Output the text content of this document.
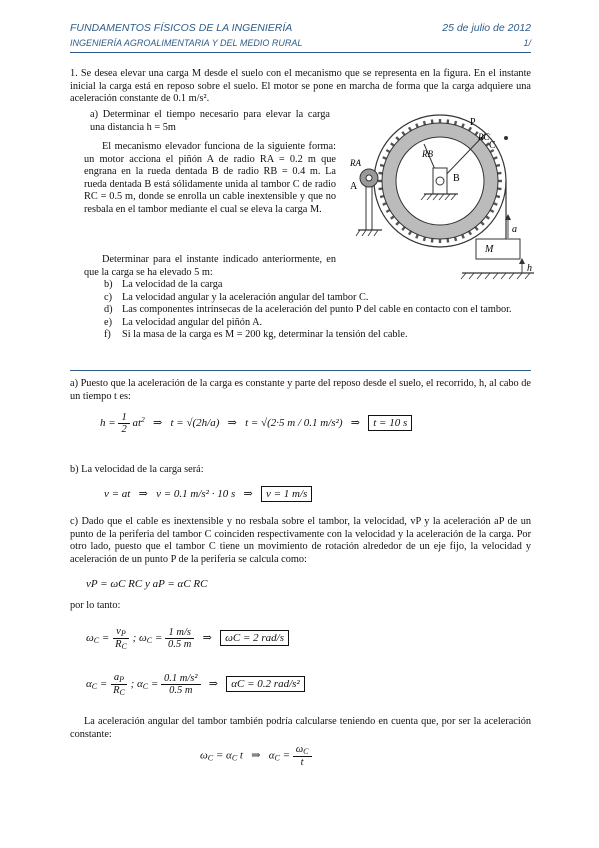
FUNDAMENTOS FÍSICOS DE LA INGENIERÍA	25 de julio de 2012
INGENIERÍA AGROALIMENTARIA Y DEL MEDIO RURAL	1/
1. Se desea elevar una carga M desde el suelo con el mecanismo que se representa en la figura. En el instante inicial la carga está en reposo sobre el suelo. El motor se pone en marcha de forma que la carga adquiere una aceleración constante de 0.1 m/s².
a) Determinar el tiempo necesario para elevar la carga una distancia h = 5m
El mecanismo elevador funciona de la siguiente forma: un motor acciona el piñón A de radio RA = 0.2 m que engrana en la rueda dentada B de radio RB = 0.4 m. La rueda dentada B está sólidamente unida al tambor C de radio RC = 0.5 m, donde se enrolla un cable inextensible y que no resbala en el tambor mediante el cual se eleva la carga M.
Determinar para el instante indicado anteriormente, en que la carga se ha elevado 5 m:
P
RC
C
RB
B
RA
A
M
a
h
b) La velocidad de la carga
c) La velocidad angular y la aceleración angular del tambor C.
d) Las componentes intrínsecas de la aceleración del punto P del cable en contacto con el tambor.
e) La velocidad angular del piñón A.
f)	Si la masa de la carga es M = 200 kg, determinar la tensión del cable.
a) Puesto que la aceleración de la carga es constante y parte del reposo desde el suelo, el recorrido, h, al cabo de un tiempo t es:
$h = \frac{1}{2} at^2$   ⇒   t = √(2h/a)   ⇒   t = √(2·5 m / 0.1 m/s²)   ⇒   t = 10 s
b) La velocidad de la carga será:
v = at   ⇒   v = 0.1 m/s² · 10 s   ⇒   v = 1 m/s
c) Dado que el cable es inextensible y no resbala sobre el tambor, la velocidad, vP y la aceleración aP de un punto de la periferia del tambor C coinciden respectivamente con la velocidad y la aceleración de la carga. Por otro lado, puesto que el tambor C tiene un movimiento de rotación alrededor de un eje fijo, la velocidad y aceleración de un punto P de la periferia se calcula como:
vP = ωC RC y aP = αC RC
por lo tanto:
$\omega_C = \frac{v_P}{R_C}$ ; $\omega_C = \frac{1 m/s}{0.5 m}$ ⇒   ωC = 2 rad/s
$\alpha_C = \frac{a_P}{R_C}$ ; $\alpha_C = \frac{\text{0.1 m/s²}}{0.5 m}$ ⇒   αC = 0.2 rad/s²
La aceleración angular del tambor también podría calcularse teniendo en cuenta que, por ser la aceleración constante:
$\omega_C = \alpha_C$ t   ⇒   $\alpha_C = \frac{\omega_C}{t}$
